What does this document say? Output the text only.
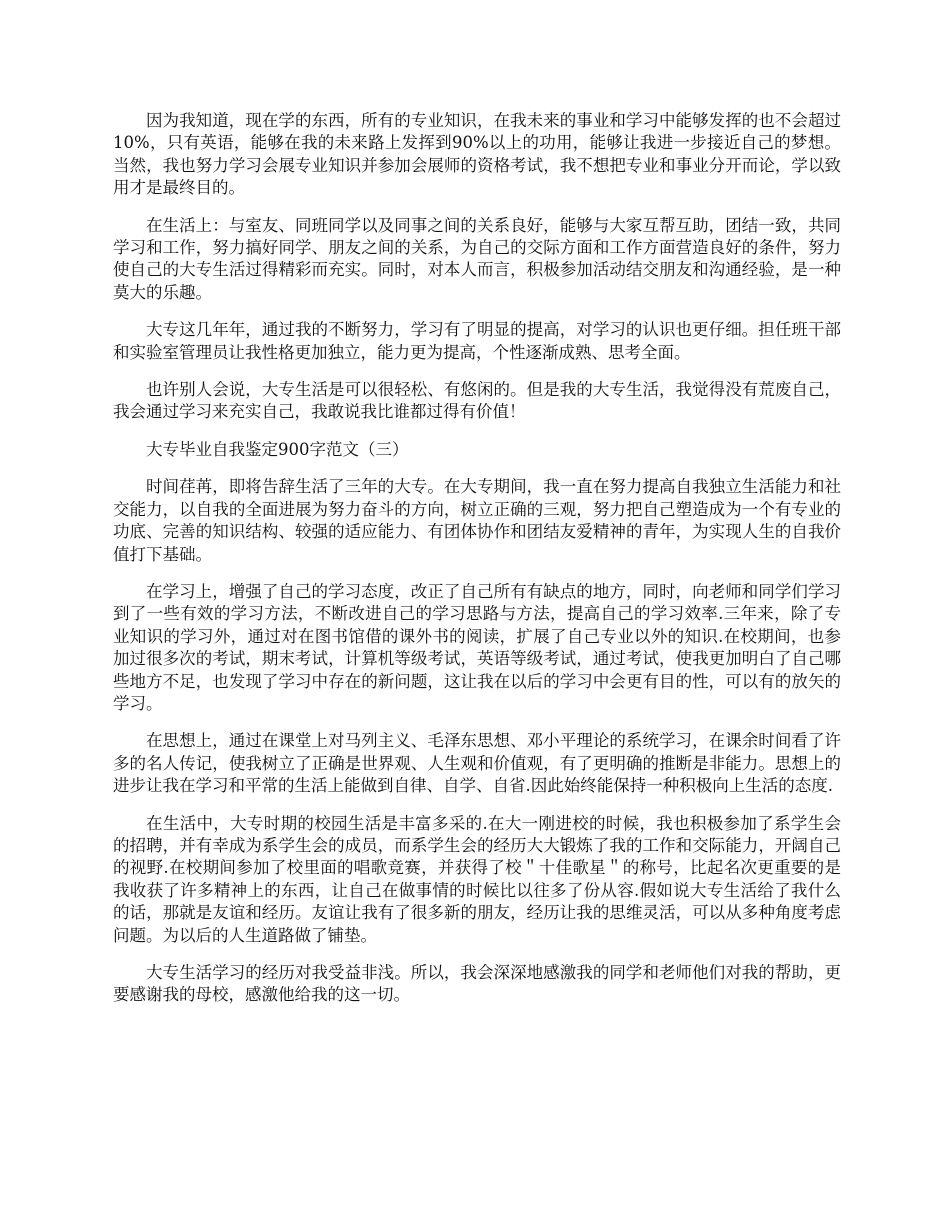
因为我知道，现在学的东西，所有的专业知识，在我未来的事业和学习中能够发挥的也不会超过10%，只有英语，能够在我的未来路上发挥到90%以上的功用，能够让我进一步接近自己的梦想。当然，我也努力学习会展专业知识并参加会展师的资格考试，我不想把专业和事业分开而论，学以致用才是最终目的。

在生活上：与室友、同班同学以及同事之间的关系良好，能够与大家互帮互助，团结一致，共同学习和工作，努力搞好同学、朋友之间的关系，为自己的交际方面和工作方面营造良好的条件，努力使自己的大专生活过得精彩而充实。同时，对本人而言，积极参加活动结交朋友和沟通经验，是一种莫大的乐趣。

大专这几年年，通过我的不断努力，学习有了明显的提高，对学习的认识也更仔细。担任班干部和实验室管理员让我性格更加独立，能力更为提高，个性逐渐成熟、思考全面。

也许别人会说，大专生活是可以很轻松、有悠闲的。但是我的大专生活，我觉得没有荒废自己，我会通过学习来充实自己，我敢说我比谁都过得有价值！

大专毕业自我鉴定900字范文（三）

时间荏苒，即将告辞生活了三年的大专。在大专期间，我一直在努力提高自我独立生活能力和社交能力，以自我的全面进展为努力奋斗的方向，树立正确的三观，努力把自己塑造成为一个有专业的功底、完善的知识结构、较强的适应能力、有团体协作和团结友爱精神的青年，为实现人生的自我价值打下基础。

在学习上，增强了自己的学习态度，改正了自己所有有缺点的地方，同时，向老师和同学们学习到了一些有效的学习方法，不断改进自己的学习思路与方法，提高自己的学习效率.三年来，除了专业知识的学习外，通过对在图书馆借的课外书的阅读，扩展了自己专业以外的知识.在校期间，也参加过很多次的考试，期末考试，计算机等级考试，英语等级考试，通过考试，使我更加明白了自己哪些地方不足，也发现了学习中存在的新问题，这让我在以后的学习中会更有目的性，可以有的放矢的学习。

在思想上，通过在课堂上对马列主义、毛泽东思想、邓小平理论的系统学习，在课余时间看了许多的名人传记，使我树立了正确是世界观、人生观和价值观，有了更明确的推断是非能力。思想上的进步让我在学习和平常的生活上能做到自律、自学、自省.因此始终能保持一种积极向上生活的态度.

在生活中，大专时期的校园生活是丰富多采的.在大一刚进校的时候，我也积极参加了系学生会的招聘，并有幸成为系学生会的成员，而系学生会的经历大大锻炼了我的工作和交际能力，开阔自己的视野.在校期间参加了校里面的唱歌竞赛，并获得了校＂十佳歌星＂的称号，比起名次更重要的是我收获了许多精神上的东西，让自己在做事情的时候比以往多了份从容.假如说大专生活给了我什么的话，那就是友谊和经历。友谊让我有了很多新的朋友，经历让我的思维灵活，可以从多种角度考虑问题。为以后的人生道路做了铺垫。

大专生活学习的经历对我受益非浅。所以，我会深深地感激我的同学和老师他们对我的帮助，更要感谢我的母校，感激他给我的这一切。
